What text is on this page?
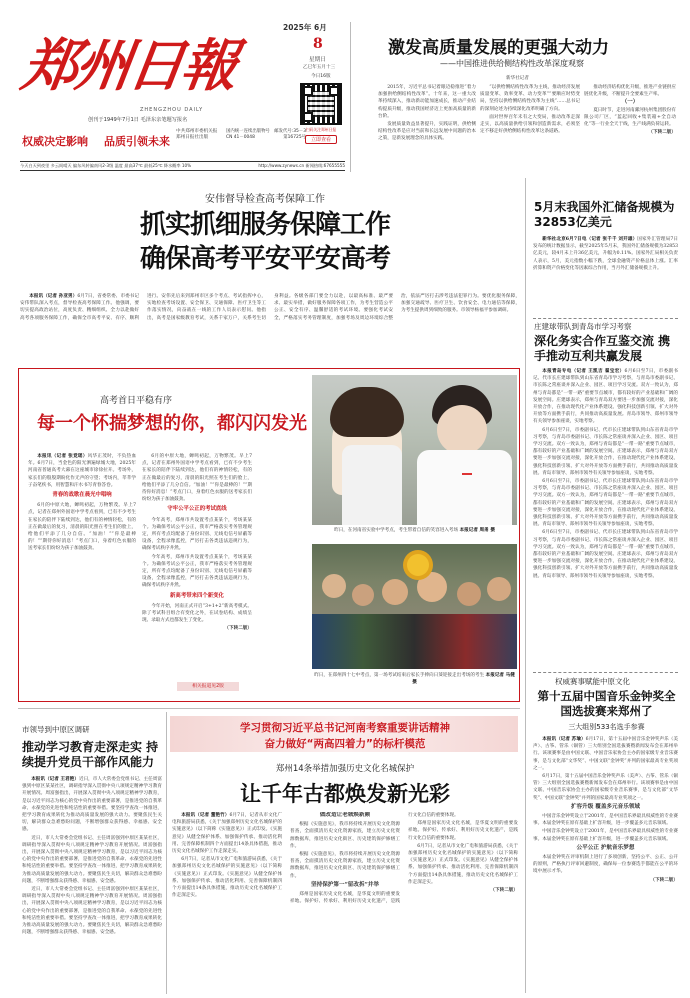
郑州日報
ZHENGZHOU DAILY
创刊于1949年7月1日 毛泽东亲笔题写报名
权威决定影响 品质引领未来
中共郑州市委机关报
郑州日报社出版
国内统一连续出版物号
CN 41－0048
邮发代号:35－3
第16725号
2025年 6月
8
星期日
乙巳年五月十三
今日16版
扫码关注郑州日报
立即查看
今天白天到夜里 多云间晴天 偏东风转偏南风2-3级 温度 最高37℃ 最低25℃ 降水概率 10%	http://www.zynews.cn 新闻热线:67655555
激发高质量发展的更强大动力
——中国推进供给侧结构性改革深度观察
新华社记者

2015年，习近平总书记着眼迈稳推进“着力加强供给侧结构性改革”。十年来，这一重大改革持续深入，推动新动能加速成长，推动产业结构提质升级，推动我国经济迈上更加高质量的新台阶。

发展质量效益显著提升，实践证明，供给侧结构性改革是应对当前和长远发展中问题的治本之策，是新发展理念的具体实践。

“以供给侧结构性改革为主线，推动经济发展质量变革、效率变革、动力变革”“要顺应时势变局，坚持以供给侧结构性改革为主线”……总书记的深刻论述为持续深化改革明确了方向。

面对世界百年未有之大变局，推动改革走深走实，以高质量供给引领和创造新需求，必须坚定不移走好供给侧结构性改革这条道路。

推动经济结构优化升级，推进产业链供应链优化升级，不断提升全要素生产率。

（一）

夏日时节，走进河南漯河杭州集团股份有限公司厂区，“蓝起回收+集装箱+全自动化”等一行业全天于线，生产线满负荷运转。

（下转二版）
安伟督导检查高考保障工作
抓实抓细服务保障工作
确保高考平安平安高考

本报讯（记者 孙亚男）6月7日，省委常委、市委书记安伟带队深入考点，督导检查高考保障工作。他强调，要切实提高政治站位，高度负责、精细组织、全力以赴做好高考各项服务保障工作，确保全市高考平安、有序、顺利进行。安伟先后来到郑州市区多个考点、考试指挥中心，实地检查考场设置、安全保卫、交通保障、医疗卫生等工作落实情况，向奋战在一线的工作人员表示慰问。他指出，高考是国家级教育考试，关系千家万户，关系考生切身利益。各级各部门要全力以赴，以最高标准、最严要求、最实举措，做好服务保障各项工作，为考生营造公平公正、安全有序、温馨舒适的考试环境。要强化考试安全，严格落实考务管理制度，加强考场及周边环境综合整治，依法严厉打击涉考违法犯罪行为。要优化服务保障，加强交通疏导、医疗卫生、饮食安全、电力通信等保障，为考生提供周到细致的服务。市领导杨福平参加调研。

高考首日平稳有序
每一个怀揣梦想的你，都闪闪发光

本报讯（记者 张竞瑶）风华正茂时，不负热血年。6月7日，当金色的阳光洒遍绿城大地，2025年河南省普通高考大幕在这座城市徐徐拉开。考场外，家长们的殷殷期盼化作无声的守望；考场内，莘莘学子奋笔疾书，用智慧和汗水书写青春答卷。

青春的战歌在晨光中唱响

6月的中原大地，蝉鸣初起，万物繁茂。早上7点，记者在郑州外国语中学考点看到，已有不少考生在家长的陪伴下陆续到达，他们有的神情轻松，有的正在做最后的复习，清晨的阳光照在考生们的脸上，给他们平添了几分自信。“加油！”“你是最棒的！”“期待你好消息！”考点门口，身着红色衣服的送考家长们纷纷为孩子加油鼓劲。

6月的中原大地，蝉鸣初起，万物繁茂。早上7点，记者在郑州外国语中学考点看到，已有不少考生在家长的陪伴下陆续到达，他们有的神情轻松，有的正在做最后的复习，清晨的阳光照在考生们的脸上，给他们平添了几分自信。“加油！”“你是最棒的！”“期待你好消息！”考点门口，身着红色衣服的送考家长们纷纷为孩子加油鼓劲。

守牢公平公正的考试底线

今年高考，郑州市共设置考点某某个，考场某某个。为确保考试公平公正，我市严格落实考务管理规定，所有考点均配备了身份识别、无线电信号屏蔽等设备，全程录像监控，严厉打击各类违法违规行为，确保考试秩序井然。

今年高考，郑州市共设置考点某某个，考场某某个。为确保考试公平公正，我市严格落实考务管理规定，所有考点均配备了身份识别、无线电信号屏蔽等设备，全程录像监控，严厉打击各类违法违规行为，确保考试秩序井然。

新高考带来四个新变化

今年开始，河南正式开启“3+1+2”新高考模式。除了考试科目组合有变化之外，在试卷结构、成绩呈现、录取方式也都发生了变化。

（下转二版）
相关报道见2版
昨日，在河南省实验中学考点，考生带着自信的笑容进入考场 本报记者 周甬 摄
昨日，在郑州四十七中考点，第一场考试结束后家长手捧向日葵迎接走出考场的考生 本报记者 马健 摄
5月末我国外汇储备规模为32853亿美元

新华社北京6月7日电（记者 张千千 刘开雄）国家外汇管理局7日发布的统计数据显示，截至2025年5月末，我国外汇储备规模为32853亿美元，较4月末上升36亿美元，升幅为0.11%。国家外汇局相关负责人表示，5月，美元指数小幅下跌，全球金融资产价格总体上涨。汇率折算和资产价格变化等因素综合作用，当月外汇储备规模上升。

庄建球带队到青岛市学习考察
深化务实合作互鉴交流 携手推动互利共赢发展

本报青岛专电（记者 王凯吉 翟宝宏）6月6日至7日，市委副书记、代市长庄建球带队到山东省青岛市学习考察，与青岛市委副书记、市长陈之常座谈并深入企业、园区、项目学习交流。双方一致认为，郑州与青岛都是“一带一路”重要节点城市，都有较好的产业基础和广阔的发展空间。庄建球表示，郑州与青岛双方要进一步加强交流对接，深化开放合作，在推动现代化产业体系建设、强化科技创新引领、扩大对外开放等方面携手前行，共同推动高质量发展。青岛市领导、郑州市领导有关领导参加座谈，实地考察。

6月6日至7日，市委副书记、代市长庄建球带队到山东省青岛市学习考察，与青岛市委副书记、市长陈之常座谈并深入企业、园区、项目学习交流。双方一致认为，郑州与青岛都是“一带一路”重要节点城市，都有较好的产业基础和广阔的发展空间。庄建球表示，郑州与青岛双方要进一步加强交流对接，深化开放合作，在推动现代化产业体系建设、强化科技创新引领、扩大对外开放等方面携手前行，共同推动高质量发展。青岛市领导、郑州市领导有关领导参加座谈，实地考察。

6月6日至7日，市委副书记、代市长庄建球带队到山东省青岛市学习考察，与青岛市委副书记、市长陈之常座谈并深入企业、园区、项目学习交流。双方一致认为，郑州与青岛都是“一带一路”重要节点城市，都有较好的产业基础和广阔的发展空间。庄建球表示，郑州与青岛双方要进一步加强交流对接，深化开放合作，在推动现代化产业体系建设、强化科技创新引领、扩大对外开放等方面携手前行，共同推动高质量发展。青岛市领导、郑州市领导有关领导参加座谈，实地考察。

6月6日至7日，市委副书记、代市长庄建球带队到山东省青岛市学习考察，与青岛市委副书记、市长陈之常座谈并深入企业、园区、项目学习交流。双方一致认为，郑州与青岛都是“一带一路”重要节点城市，都有较好的产业基础和广阔的发展空间。庄建球表示，郑州与青岛双方要进一步加强交流对接，深化开放合作，在推动现代化产业体系建设、强化科技创新引领、扩大对外开放等方面携手前行，共同推动高质量发展。青岛市领导、郑州市领导有关领导参加座谈，实地考察。

权威赛事赋能中原文化
第十五届中国音乐金钟奖全国选拔赛来郑州了
三大组别533名选手参赛

本报讯（记者 苏瑜）6月17日，第十五届中国音乐金钟奖声乐（美声）、古筝、管乐（铜管）三大组别全国选拔赛暨新闻发布会在郑州举行。该项赛事是由中国文联、中国音乐家协会主办的国家级专业音乐赛事，是与文化部“文华奖”、中国文联“金钟奖”并列的国家最高专业奖项之一。

6月17日，第十五届中国音乐金钟奖声乐（美声）、古筝、管乐（铜管）三大组别全国选拔赛暨新闻发布会在郑州举行。该项赛事是由中国文联、中国音乐家协会主办的国家级专业音乐赛事，是与文化部“文华奖”、中国文联“金钟奖”并列的国家最高专业奖项之一。

扩容升级 覆盖多元音乐领域

中国音乐金钟奖设立于2001年，是中国音乐界最具权威性的专业赛事。本届金钟奖在原有基础上扩容升级，进一步覆盖多元音乐领域。

中国音乐金钟奖设立于2001年，是中国音乐界最具权威性的专业赛事。本届金钟奖在原有基础上扩容升级，进一步覆盖多元音乐领域。

公平公正 护航音乐梦想

本届金钟奖在评审机制上进行了多项创新，坚持公平、公正、公开的原则，严格执行评审回避制度，确保每一位参赛选手都能在公平的环境中展示才华。

（下转二版）
市领导到中原区调研
推动学习教育走深走实 持续提升党员干部作风能力

本报讯（记者 王君艳）近日，市人大常委会党组书记、主任周富强到中原区某某社区，调研指导深入贯彻中央八项规定精神学习教育开展情况。周富强指出，开展深入贯彻中央八项规定精神学习教育，是以习近平同志为核心的党中央作出的重要部署，是推进党的自我革命、永葆党的先进性和纯洁性的重要举措。要坚持学查改一体推进，把学习教育成果转化为推动高质量发展的强大动力。要聚焦民生关切，解决群众急难愁盼问题，不断增强群众获得感、幸福感、安全感。

近日，市人大常委会党组书记、主任周富强到中原区某某社区，调研指导深入贯彻中央八项规定精神学习教育开展情况。周富强指出，开展深入贯彻中央八项规定精神学习教育，是以习近平同志为核心的党中央作出的重要部署，是推进党的自我革命、永葆党的先进性和纯洁性的重要举措。要坚持学查改一体推进，把学习教育成果转化为推动高质量发展的强大动力。要聚焦民生关切，解决群众急难愁盼问题，不断增强群众获得感、幸福感、安全感。

近日，市人大常委会党组书记、主任周富强到中原区某某社区，调研指导深入贯彻中央八项规定精神学习教育开展情况。周富强指出，开展深入贯彻中央八项规定精神学习教育，是以习近平同志为核心的党中央作出的重要部署，是推进党的自我革命、永葆党的先进性和纯洁性的重要举措。要坚持学查改一体推进，把学习教育成果转化为推动高质量发展的强大动力。要聚焦民生关切，解决群众急难愁盼问题，不断增强群众获得感、幸福感、安全感。

学习贯彻习近平总书记河南考察重要讲话精神
奋力做好“两高四着力”的标杆模范
郑州14条举措加强历史文化名城保护
让千年古都焕发新光彩

本报讯（记者 董艳竹）6月7日，记者从市文化广电和旅游局获悉，《关于加强郑州历史文化名城保护的实施意见》（以下简称《实施意见》）正式印发。《实施意见》从健全保护体系、加强保护传承、推动活化利用、完善保障机制四个方面提出14条具体措施，推动历史文化名城保护工作走深走实。

6月7日，记者从市文化广电和旅游局获悉，《关于加强郑州历史文化名城保护的实施意见》（以下简称《实施意见》）正式印发。《实施意见》从健全保护体系、加强保护传承、推动活化利用、完善保障机制四个方面提出14条具体措施，推动历史文化名城保护工作走深走实。

做改造让老城焕新颜

根据《实施意见》，我市将持续开展历史文化资源普查，全面摸清历史文化资源家底，建立历史文化资源数据库，推进历史文化街区、历史建筑保护修缮工作。

根据《实施意见》，我市将持续开展历史文化资源普查，全面摸清历史文化资源家底，建立历史文化资源数据库，推进历史文化街区、历史建筑保护修缮工作。

坚持保护第一“留改拆”并举

郑州是国家历史文化名城，是华夏文明的重要发祥地。保护好、传承好、利用好历史文化遗产，是践行文化自信的重要体现。

郑州是国家历史文化名城，是华夏文明的重要发祥地。保护好、传承好、利用好历史文化遗产，是践行文化自信的重要体现。

6月7日，记者从市文化广电和旅游局获悉，《关于加强郑州历史文化名城保护的实施意见》（以下简称《实施意见》）正式印发。《实施意见》从健全保护体系、加强保护传承、推动活化利用、完善保障机制四个方面提出14条具体措施，推动历史文化名城保护工作走深走实。

（下转二版）
